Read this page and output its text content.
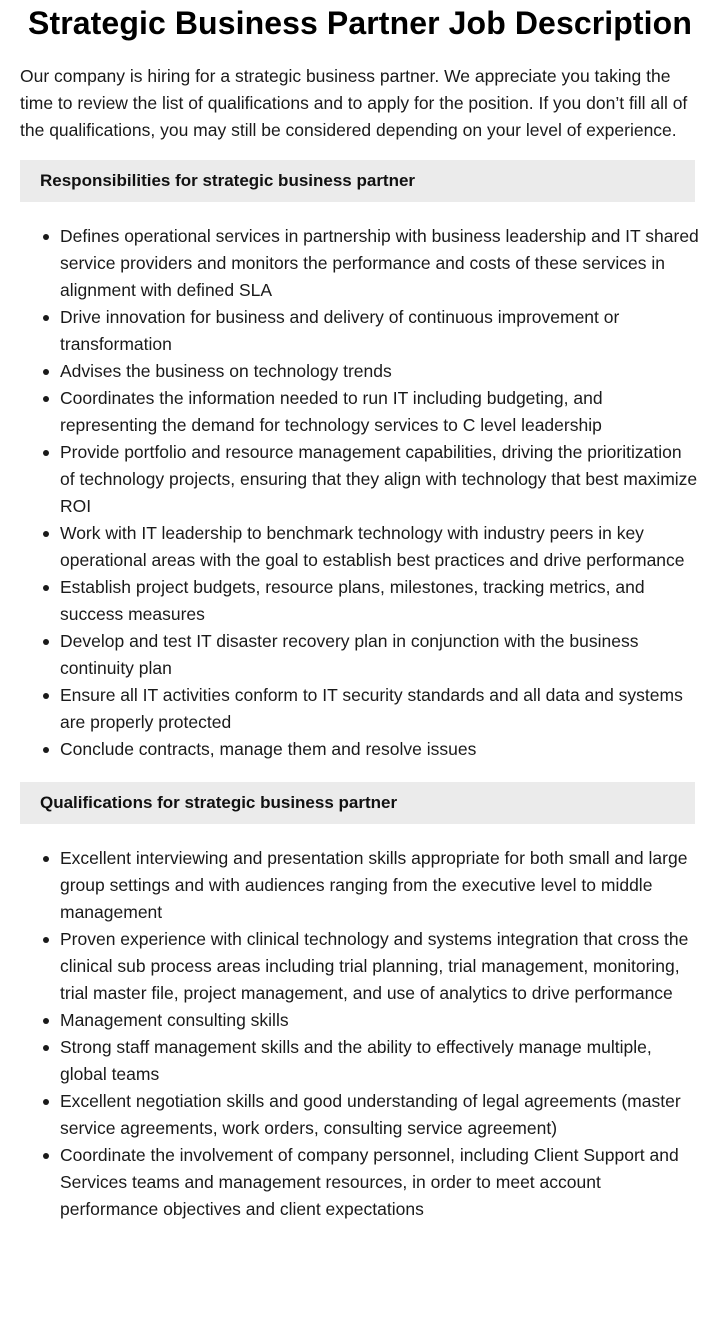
Strategic Business Partner Job Description

Our company is hiring for a strategic business partner. We appreciate you taking the time to review the list of qualifications and to apply for the position. If you don’t fill all of the qualifications, you may still be considered depending on your level of experience.

Responsibilities for strategic business partner
Defines operational services in partnership with business leadership and IT shared service providers and monitors the performance and costs of these services in alignment with defined SLA
Drive innovation for business and delivery of continuous improvement or transformation
Advises the business on technology trends
Coordinates the information needed to run IT including budgeting, and representing the demand for technology services to C level leadership
Provide portfolio and resource management capabilities, driving the prioritization of technology projects, ensuring that they align with technology that best maximize ROI
Work with IT leadership to benchmark technology with industry peers in key operational areas with the goal to establish best practices and drive performance
Establish project budgets, resource plans, milestones, tracking metrics, and success measures
Develop and test IT disaster recovery plan in conjunction with the business continuity plan
Ensure all IT activities conform to IT security standards and all data and systems are properly protected
Conclude contracts, manage them and resolve issues
Qualifications for strategic business partner
Excellent interviewing and presentation skills appropriate for both small and large group settings and with audiences ranging from the executive level to middle management
Proven experience with clinical technology and systems integration that cross the clinical sub process areas including trial planning, trial management, monitoring, trial master file, project management, and use of analytics to drive performance
Management consulting skills
Strong staff management skills and the ability to effectively manage multiple, global teams
Excellent negotiation skills and good understanding of legal agreements (master service agreements, work orders, consulting service agreement)
Coordinate the involvement of company personnel, including Client Support and Services teams and management resources, in order to meet account performance objectives and client expectations
